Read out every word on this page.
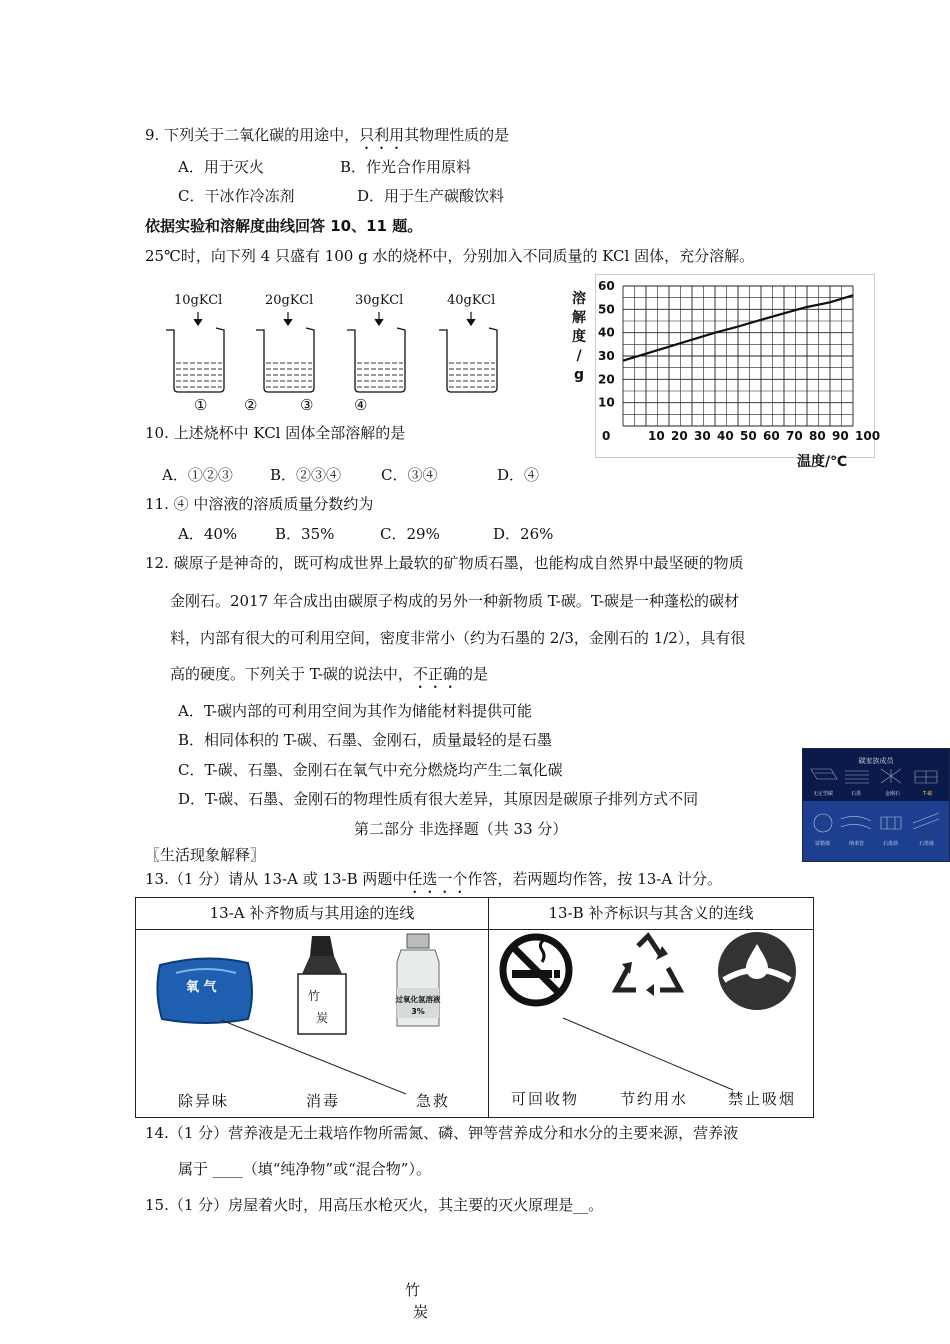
9. 下列关于二氧化碳的用途中，只利用其物理性质的是
A．用于灭火	B．作光合作用原料
C．干冰作冷冻剂	D．用于生产碳酸饮料
依据实验和溶解度曲线回答 10、11 题。
25℃时，向下列 4 只盛有 100 g 水的烧杯中，分别加入不同质量的 KCl 固体，充分溶解。
10gKCl	20gKCl	30gKCl	40gKCl
① ②	③	④
溶
解
度
/
g
10
20
30
40
50
60
0	10 20 30 40 50 60 70 80 90 100
温度/℃
10. 上述烧杯中 KCl 固体全部溶解的是
A．①②③ B．②③④	C．③④	D．④
11. ④ 中溶液的溶质质量分数约为
A．40%	B．35%	C．29%	D．26%
12. 碳原子是神奇的，既可构成世界上最软的矿物质石墨，也能构成自然界中最坚硬的物质
金刚石。2017 年合成出由碳原子构成的另外一种新物质 T-碳。T-碳是一种蓬松的碳材
料，内部有很大的可利用空间，密度非常小（约为石墨的 2/3，金刚石的 1/2），具有很
高的硬度。下列关于 T-碳的说法中，不正确的是
A．T-碳内部的可利用空间为其作为储能材料提供可能
B．相同体积的 T-碳、石墨、金刚石，质量最轻的是石墨
C．T-碳、石墨、金刚石在氧气中充分燃烧均产生二氧化碳
D．T-碳、石墨、金刚石的物理性质有很大差异，其原因是碳原子排列方式不同
碳家族成员
无定型碳	石墨	金刚石	T-碳
富勒烯	纳米管	石墨炔	石墨烯
第二部分 非选择题（共 33 分）
〖生活现象解释〗
13.（1 分）请从 13-A 或 13-B 两题中任选一个作答，若两题均作答，按 13-A 计分。
13-A 补齐物质与其用途的连线	13-B 补齐标识与其含义的连线
氧 气
竹
炭
过氧化氢溶液
3%
除异味	消毒	急救	可回收物	节约用水	禁止吸烟
14.（1 分）营养液是无土栽培作物所需氮、磷、钾等营养成分和水分的主要来源，营养液
属于 ____（填“纯净物”或“混合物”）。
15.（1 分）房屋着火时，用高压水枪灭火，其主要的灭火原理是__。
竹
炭
